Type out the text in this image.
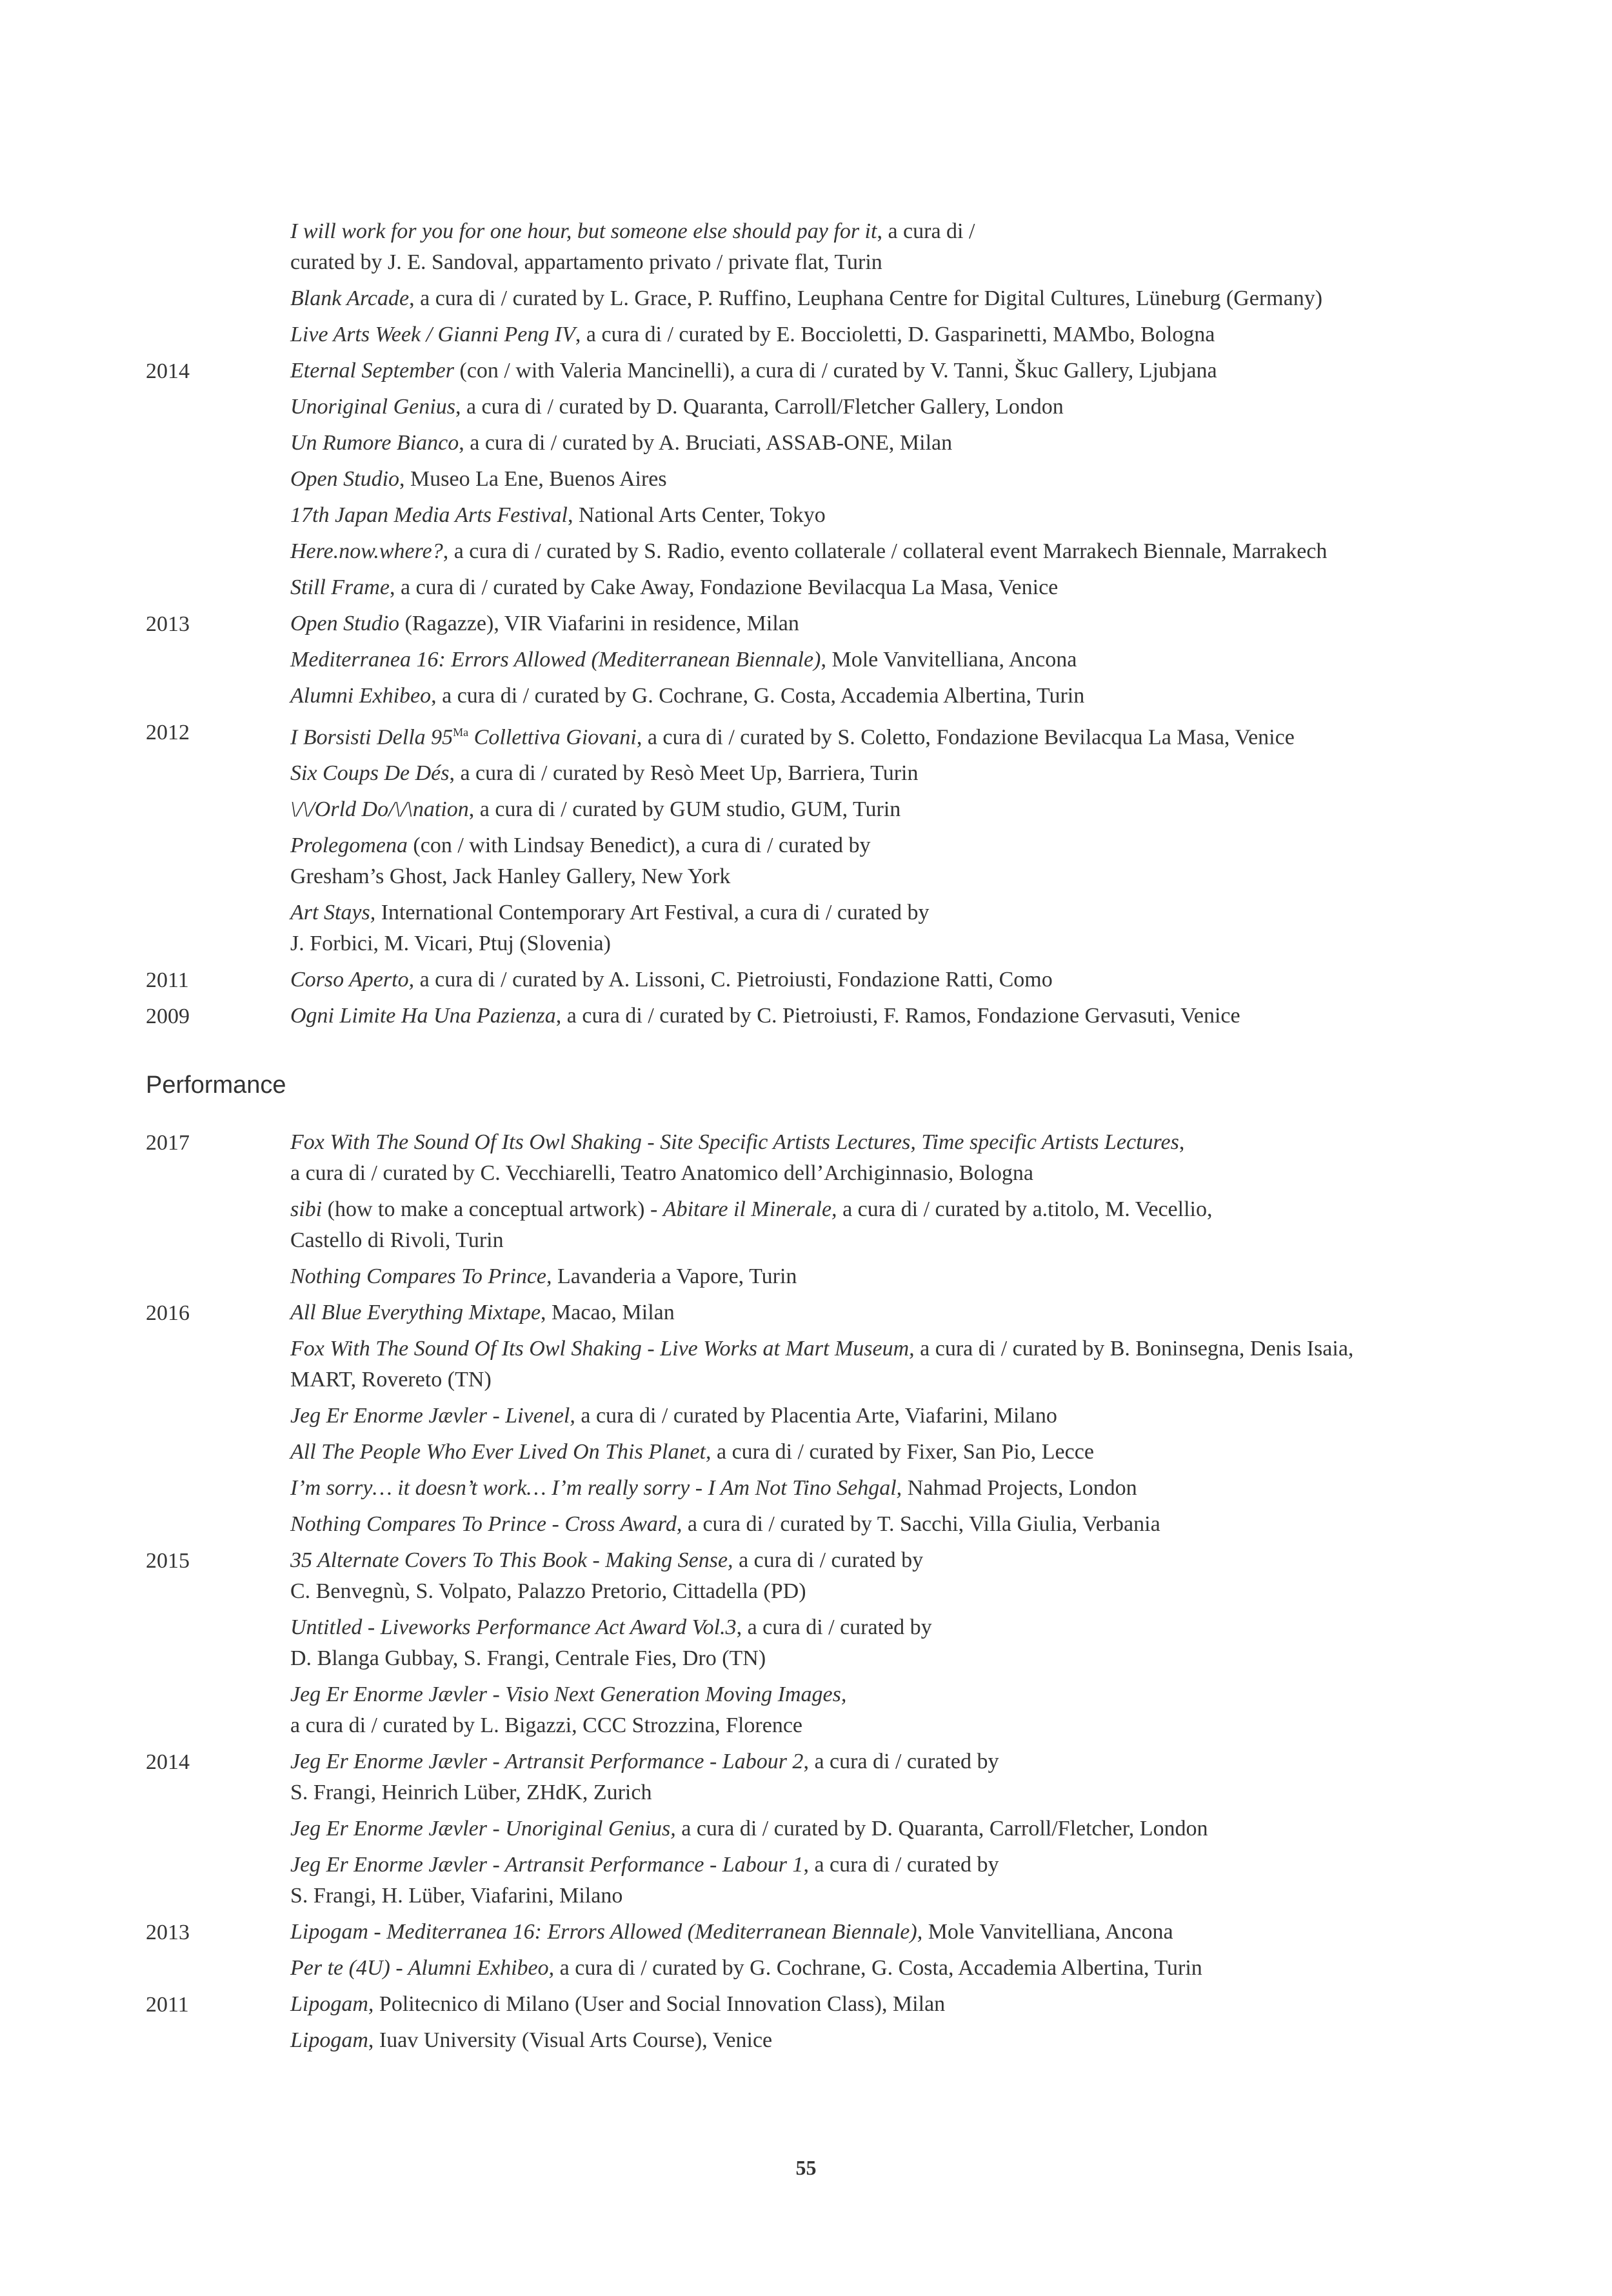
I will work for you for one hour, but someone else should pay for it, a cura di /
curated by J. E. Sandoval, appartamento privato / private flat, Turin
Blank Arcade, a cura di / curated by L. Grace, P. Ruffino, Leuphana Centre for Digital Cultures, Lüneburg (Germany)
Live Arts Week / Gianni Peng IV, a cura di / curated by E. Bocciolett​i, D. Gasparinetti, MAMbo, Bologna
2014	Eternal September (con / with Valeria Mancinelli), a cura di / curated by V. Tanni, Škuc Gallery, Ljubjana
Unoriginal Genius, a cura di / curated by D. Quaranta, Carroll/Fletcher Gallery, London
Un Rumore Bianco, a cura di / curated by A. Bruciati, ASSAB-ONE, Milan
Open Studio, Museo La Ene, Buenos Aires
17th Japan Media Arts Festival, National Arts Center, Tokyo
Here.now.where?, a cura di / curated by S. Radio, evento collaterale / collateral event Marrakech Biennale, Marrakech
Still Frame, a cura di / curated by Cake Away, Fondazione Bevilacqua La Masa, Venice
2013	Open Studio (Ragazze), VIR Viafarini in residence, Milan
Mediterranea 16: Errors Allowed (Mediterranean Biennale), Mole Vanvitelliana, Ancona
Alumni Exhibeo, a cura di / curated by G. Cochrane, G. Costa, Accademia Albertina, Turin
2012	I Borsisti Della $95^{Ma}$ Collettiva Giovani, a cura di / curated by S. Coletto, Fondazione Bevilacqua La Masa, Venice
Six Coups De Dés, a cura di / curated by Resò Meet Up, Barriera, Turin
\/\/Orld Do/\/\nation, a cura di / curated by GUM studio, GUM, Turin
Prolegomena (con / with Lindsay Benedict), a cura di / curated by
Gresham’s Ghost, Jack Hanley Gallery, New York
Art Stays, International Contemporary Art Festival, a cura di / curated by
J. Forbici, M. Vicari, Ptuj (Slovenia)
2011	Corso Aperto, a cura di / curated by A. Lissoni, C. Pietroiusti, Fondazione Ratti, Como
2009	Ogni Limite Ha Una Pazienza, a cura di / curated by C. Pietroiusti, F. Ramos, Fondazione Gervasuti, Venice
Performance
2017	Fox With The Sound Of Its Owl Shaking - Site Specific Artists Lectures, Time specific Artists Lectures,
a cura di / curated by C. Vecchiarelli, Teatro Anatomico dell’Archiginnasio, Bologna
sibi (how to make a conceptual artwork) - Abitare il Minerale, a cura di / curated by a.titolo, M. Vecellio,
Castello di Rivoli, Turin
Nothing Compares To Prince, Lavanderia a Vapore, Turin
2016	All Blue Everything Mixtape, Macao, Milan
Fox With The Sound Of Its Owl Shaking - Live Works at Mart Museum, a cura di / curated by B. Boninsegna, Denis Isaia,
MART, Rovereto (TN)
Jeg Er Enorme Jævler - Livenel, a cura di / curated by Placentia Arte, Viafarini, Milano
All The People Who Ever Lived On This Planet, a cura di / curated by Fixer, San Pio, Lecce
I’m sorry… it doesn’t work… I’m really sorry - I Am Not Tino Sehgal, Nahmad Projects, London
Nothing Compares To Prince - Cross Award, a cura di / curated by T. Sacchi, Villa Giulia, Verbania
2015	35 Alternate Covers To This Book - Making Sense, a cura di / curated by
C. Benvegnù, S. Volpato, Palazzo Pretorio, Cittadella (PD)
Untitled - Liveworks Performance Act Award Vol.3, a cura di / curated by
D. Blanga Gubbay, S. Frangi, Centrale Fies, Dro (TN)
Jeg Er Enorme Jævler - Visio Next Generation Moving Images,
a cura di / curated by L. Bigazzi, CCC Strozzina, Florence
2014	Jeg Er Enorme Jævler - Artransit Performance - Labour 2, a cura di / curated by
S. Frangi, Heinrich Lüber, ZHdK, Zurich
Jeg Er Enorme Jævler - Unoriginal Genius, a cura di / curated by D. Quaranta, Carroll/Fletcher, London
Jeg Er Enorme Jævler - Artransit Performance - Labour 1, a cura di / curated by
S. Frangi, H. Lüber, Viafarini, Milano
2013	Lipogam - Mediterranea 16: Errors Allowed (Mediterranean Biennale), Mole Vanvitelliana, Ancona
Per te (4U) - Alumni Exhibeo, a cura di / curated by G. Cochrane, G. Costa, Accademia Albertina, Turin
2011	Lipogam, Politecnico di Milano (User and Social Innovation Class), Milan
Lipogam, Iuav University (Visual Arts Course), Venice
55
